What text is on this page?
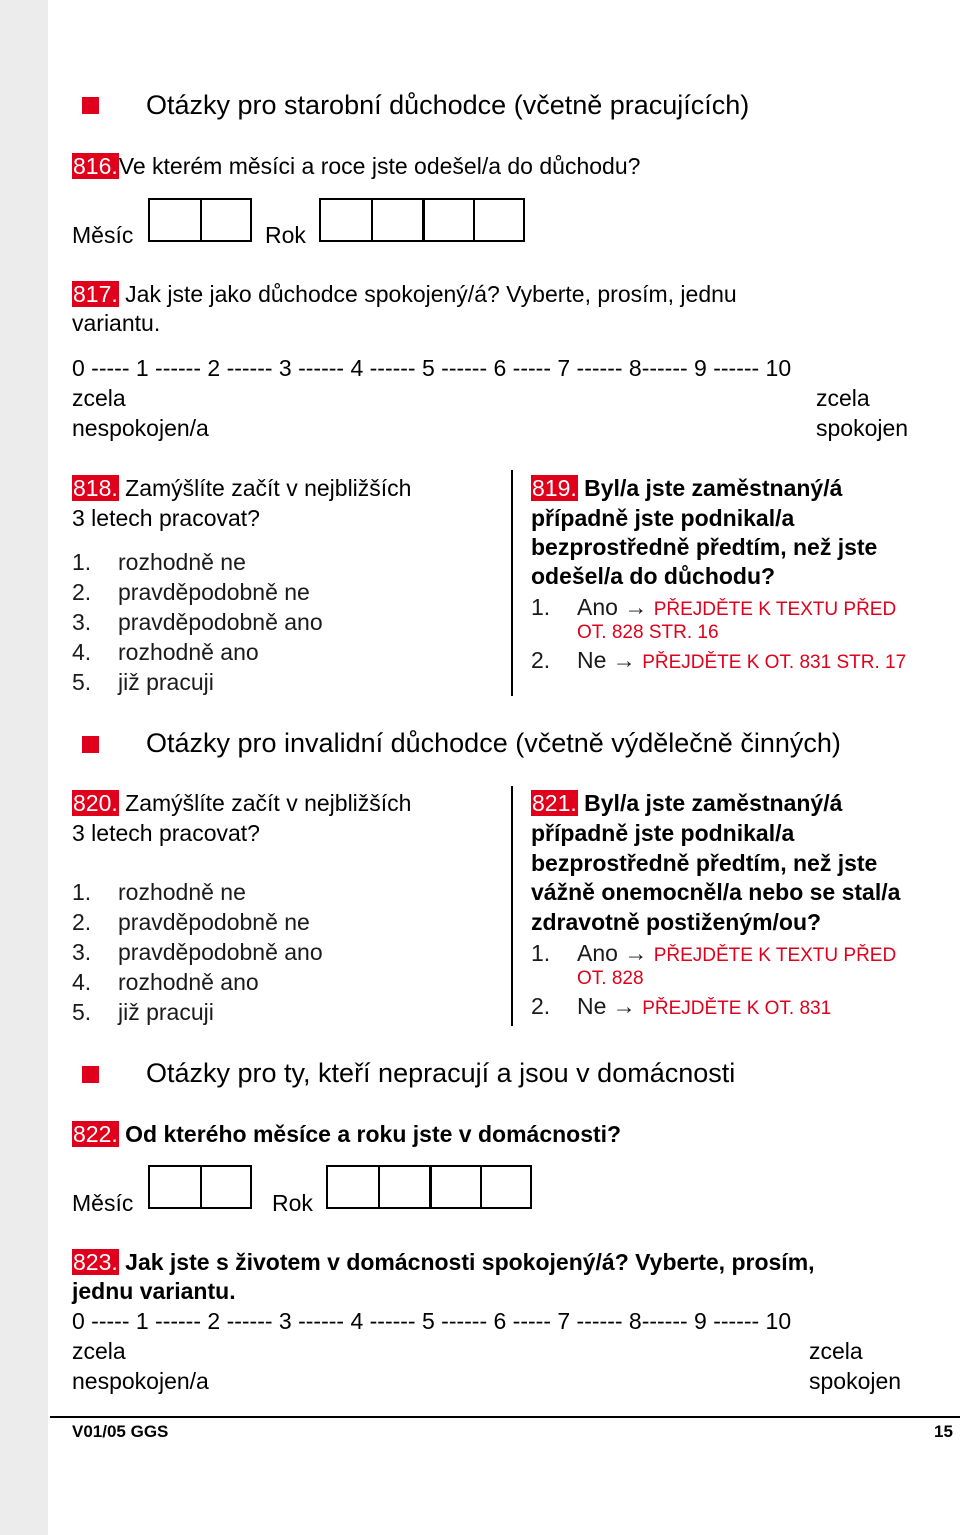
Otázky pro starobní důchodce (včetně pracujících)
816.Ve kterém měsíci a roce jste odešel/a do důchodu?
Měsíc	Rok
817. Jak jste jako důchodce spokojený/á? Vyberte, prosím, jednu
variantu.
0 ----- 1 ------ 2 ------ 3 ------ 4 ------ 5 ------ 6 ----- 7 ------ 8------ 9 ------ 10
zcela
nespokojen/a
zcela
spokojen
818. Zamýšlíte začít v nejbližších
3 letech pracovat?
1. rozhodně ne
2. pravděpodobně ne
3. pravděpodobně ano
4. rozhodně ano
5. již pracuji
819. Byl/a jste zaměstnaný/á
případně jste podnikal/a
bezprostředně předtím, než jste
odešel/a do důchodu?
1. Ano → PŘEJDĚTE K TEXTU PŘED
OT. 828 STR. 16
2. Ne → PŘEJDĚTE K OT. 831 STR. 17
Otázky pro invalidní důchodce (včetně výdělečně činných)
820. Zamýšlíte začít v nejbližších
3 letech pracovat?
1. rozhodně ne
2. pravděpodobně ne
3. pravděpodobně ano
4. rozhodně ano
5. již pracuji
821. Byl/a jste zaměstnaný/á
případně jste podnikal/a
bezprostředně předtím, než jste
vážně onemocněl/a nebo se stal/a
zdravotně postiženým/ou?
1. Ano → PŘEJDĚTE K TEXTU PŘED
OT. 828
2. Ne → PŘEJDĚTE K OT. 831
Otázky pro ty, kteří nepracují a jsou v domácnosti
822. Od kterého měsíce a roku jste v domácnosti?
Měsíc	Rok
823. Jak jste s životem v domácnosti spokojený/á? Vyberte, prosím,
jednu variantu.
0 ----- 1 ------ 2 ------ 3 ------ 4 ------ 5 ------ 6 ----- 7 ------ 8------ 9 ------ 10
zcela
nespokojen/a
zcela
spokojen
V01/05 GGS	15
